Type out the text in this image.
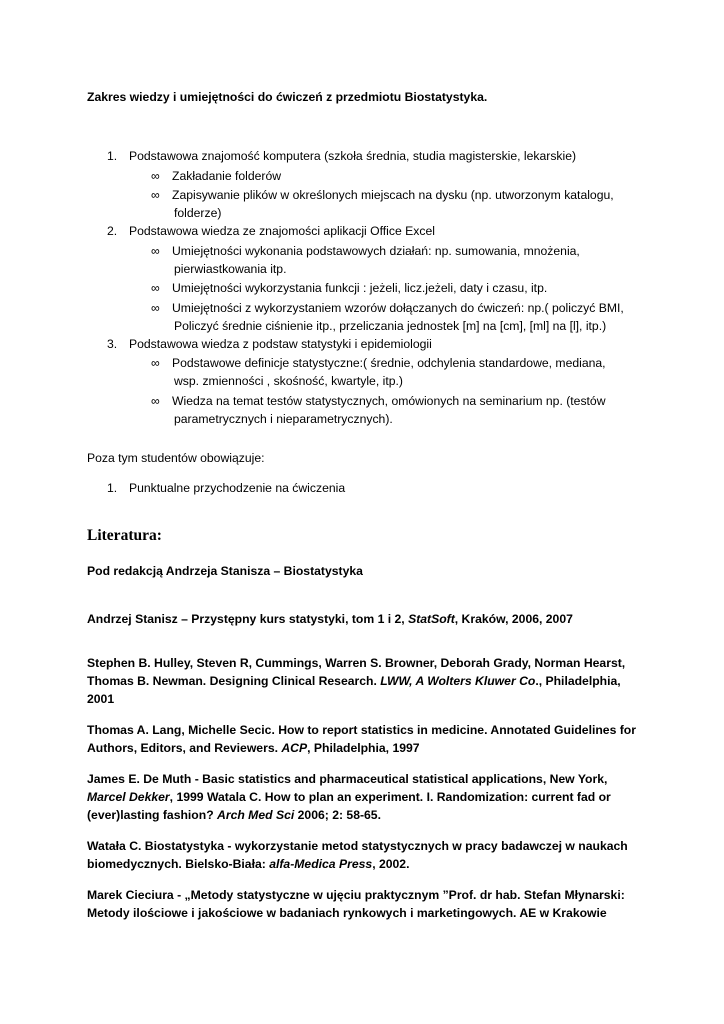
Zakres wiedzy i umiejętności do ćwiczeń z przedmiotu Biostatystyka.
1. Podstawowa znajomość komputera (szkoła średnia, studia magisterskie, lekarskie)
∞ Zakładanie folderów
∞ Zapisywanie plików w określonych miejscach na dysku (np. utworzonym katalogu,
folderze)
2. Podstawowa wiedza ze znajomości aplikacji Office Excel
∞ Umiejętności wykonania podstawowych działań: np. sumowania, mnożenia,
pierwiastkowania itp.
∞ Umiejętności wykorzystania funkcji : jeżeli, licz.jeżeli, daty i czasu, itp.
∞ Umiejętności z wykorzystaniem wzorów dołączanych do ćwiczeń: np.( policzyć BMI,
Policzyć średnie ciśnienie itp., przeliczania jednostek [m] na [cm], [ml] na [l], itp.)
3. Podstawowa wiedza z podstaw statystyki i epidemiologii
∞ Podstawowe definicje statystyczne:( średnie, odchylenia standardowe, mediana,
wsp. zmienności , skośność, kwartyle, itp.)
∞ Wiedza na temat testów statystycznych, omówionych na seminarium np. (testów
parametrycznych i nieparametrycznych).
Poza tym studentów obowiązuje:
1. Punktualne przychodzenie na ćwiczenia
Literatura:

Pod redakcją Andrzeja Stanisza – Biostatystyka

Andrzej Stanisz – Przystępny kurs statystyki, tom 1 i 2, StatSoft, Kraków, 2006, 2007

Stephen B. Hulley, Steven R, Cummings, Warren S. Browner, Deborah Grady, Norman Hearst, Thomas B. Newman. Designing Clinical Research. LWW, A Wolters Kluwer Co., Philadelphia, 2001

Thomas A. Lang, Michelle Secic. How to report statistics in medicine. Annotated Guidelines for Authors, Editors, and Reviewers. ACP, Philadelphia, 1997

James E. De Muth - Basic statistics and pharmaceutical statistical applications, New York, Marcel Dekker, 1999 Watala C. How to plan an experiment. I. Randomization: current fad or (ever)lasting fashion? Arch Med Sci 2006; 2: 58-65.

Watała C. Biostatystyka - wykorzystanie metod statystycznych w pracy badawczej w naukach biomedycznych. Bielsko-Biała: alfa-Medica Press, 2002.

Marek Cieciura - „Metody statystyczne w ujęciu praktycznym ”Prof. dr hab. Stefan Młynarski: Metody ilościowe i jakościowe w badaniach rynkowych i marketingowych. AE w Krakowie
